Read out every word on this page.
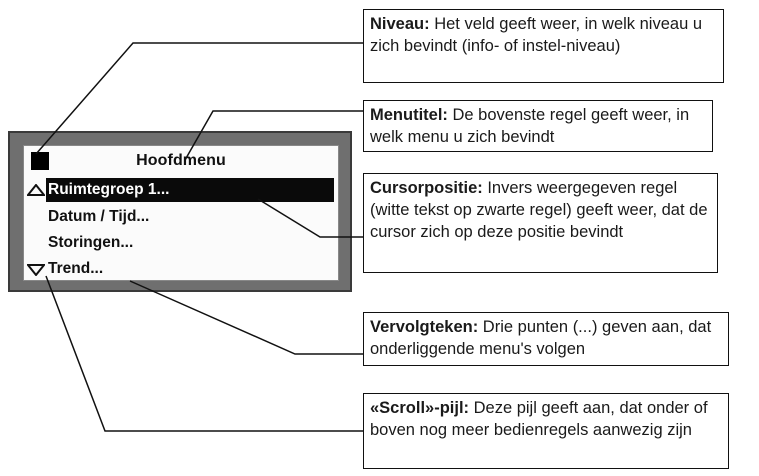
Hoofdmenu
Ruimtegroep 1...
Datum / Tijd...
Storingen...
Trend...
Niveau: Het veld geeft weer, in welk niveau u zich bevindt (info- of instel-niveau)
Menutitel: De bovenste regel geeft weer, in welk menu u zich bevindt
Cursorpositie: Invers weergegeven regel (witte tekst op zwarte regel) geeft weer, dat de cursor zich op deze positie bevindt
Vervolgteken: Drie punten (...) geven aan, dat onderliggende menu's volgen
«Scroll»-pijl: Deze pijl geeft aan, dat onder of boven nog meer bedienregels aanwezig zijn
